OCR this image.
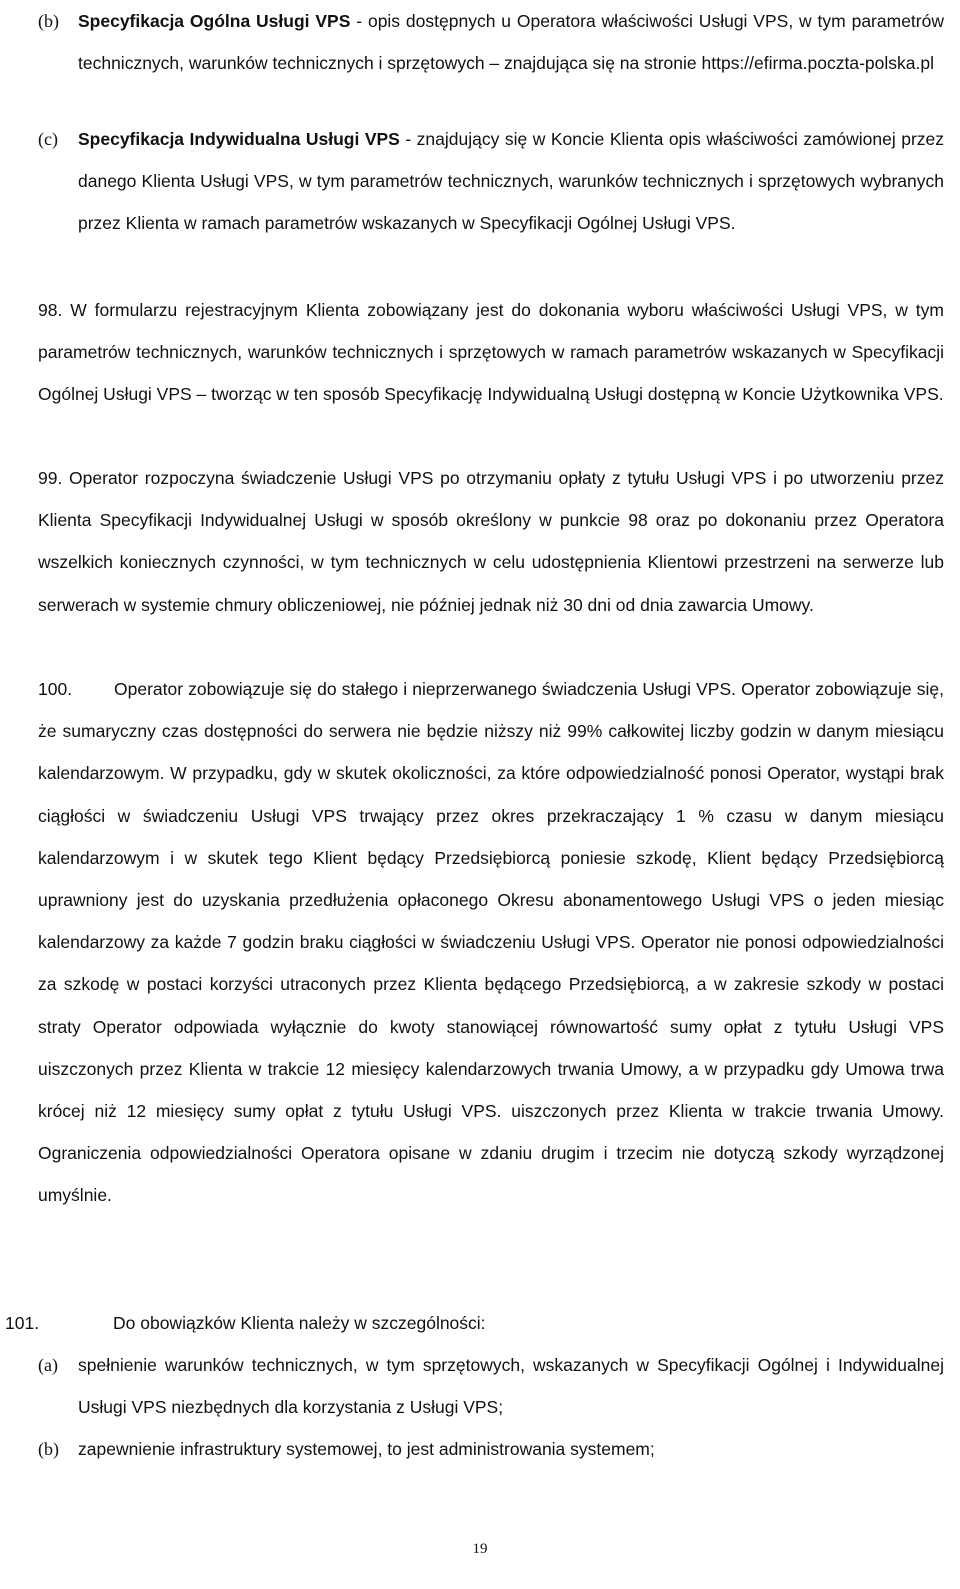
(b)	Specyfikacja Ogólna Usługi VPS - opis dostępnych u Operatora właściwości Usługi VPS, w tym parametrów technicznych, warunków technicznych i sprzętowych – znajdująca się na stronie https://efirma.poczta-polska.pl

(c)	Specyfikacja Indywidualna Usługi VPS - znajdujący się w Koncie Klienta opis właściwości zamówionej przez danego Klienta Usługi VPS, w tym parametrów technicznych, warunków technicznych i sprzętowych wybranych przez Klienta w ramach parametrów wskazanych w Specyfikacji Ogólnej Usługi VPS.

98. W formularzu rejestracyjnym Klienta zobowiązany jest do dokonania wyboru właściwości Usługi VPS, w tym parametrów technicznych, warunków technicznych i sprzętowych w ramach parametrów wskazanych w Specyfikacji Ogólnej Usługi VPS – tworząc w ten sposób Specyfikację Indywidualną Usługi dostępną w Koncie Użytkownika VPS.

99. Operator rozpoczyna świadczenie Usługi VPS po otrzymaniu opłaty z tytułu Usługi VPS i po utworzeniu przez Klienta Specyfikacji Indywidualnej Usługi w sposób określony w punkcie 98 oraz po dokonaniu przez Operatora wszelkich koniecznych czynności, w tym technicznych w celu udostępnienia Klientowi przestrzeni na serwerze lub serwerach w systemie chmury obliczeniowej, nie później jednak niż 30 dni od dnia zawarcia Umowy.

100.	Operator zobowiązuje się do stałego i nieprzerwanego świadczenia Usługi VPS. Operator zobowiązuje się, że sumaryczny czas dostępności do serwera nie będzie niższy niż 99% całkowitej liczby godzin w danym miesiącu kalendarzowym. W przypadku, gdy w skutek okoliczności, za które odpowiedzialność ponosi Operator, wystąpi brak ciągłości w świadczeniu Usługi VPS trwający przez okres przekraczający 1 % czasu w danym miesiącu kalendarzowym i w skutek tego Klient będący Przedsiębiorcą poniesie szkodę, Klient będący Przedsiębiorcą uprawniony jest do uzyskania przedłużenia opłaconego Okresu abonamentowego Usługi VPS o jeden miesiąc kalendarzowy za każde 7 godzin braku ciągłości w świadczeniu Usługi VPS. Operator nie ponosi odpowiedzialności za szkodę w postaci korzyści utraconych przez Klienta będącego Przedsiębiorcą, a w zakresie szkody w postaci straty Operator odpowiada wyłącznie do kwoty stanowiącej równowartość sumy opłat z tytułu Usługi VPS uiszczonych przez Klienta w trakcie 12 miesięcy kalendarzowych trwania Umowy, a w przypadku gdy Umowa trwa krócej niż 12 miesięcy sumy opłat z tytułu Usługi VPS. uiszczonych przez Klienta w trakcie trwania Umowy. Ograniczenia odpowiedzialności Operatora opisane w zdaniu drugim i trzecim nie dotyczą szkody wyrządzonej umyślnie.

101.	Do obowiązków Klienta należy w szczególności:

(a)	spełnienie warunków technicznych, w tym sprzętowych, wskazanych w Specyfikacji Ogólnej i Indywidualnej Usługi VPS niezbędnych dla korzystania z Usługi VPS;

(b)	zapewnienie infrastruktury systemowej, to jest administrowania systemem;

19
